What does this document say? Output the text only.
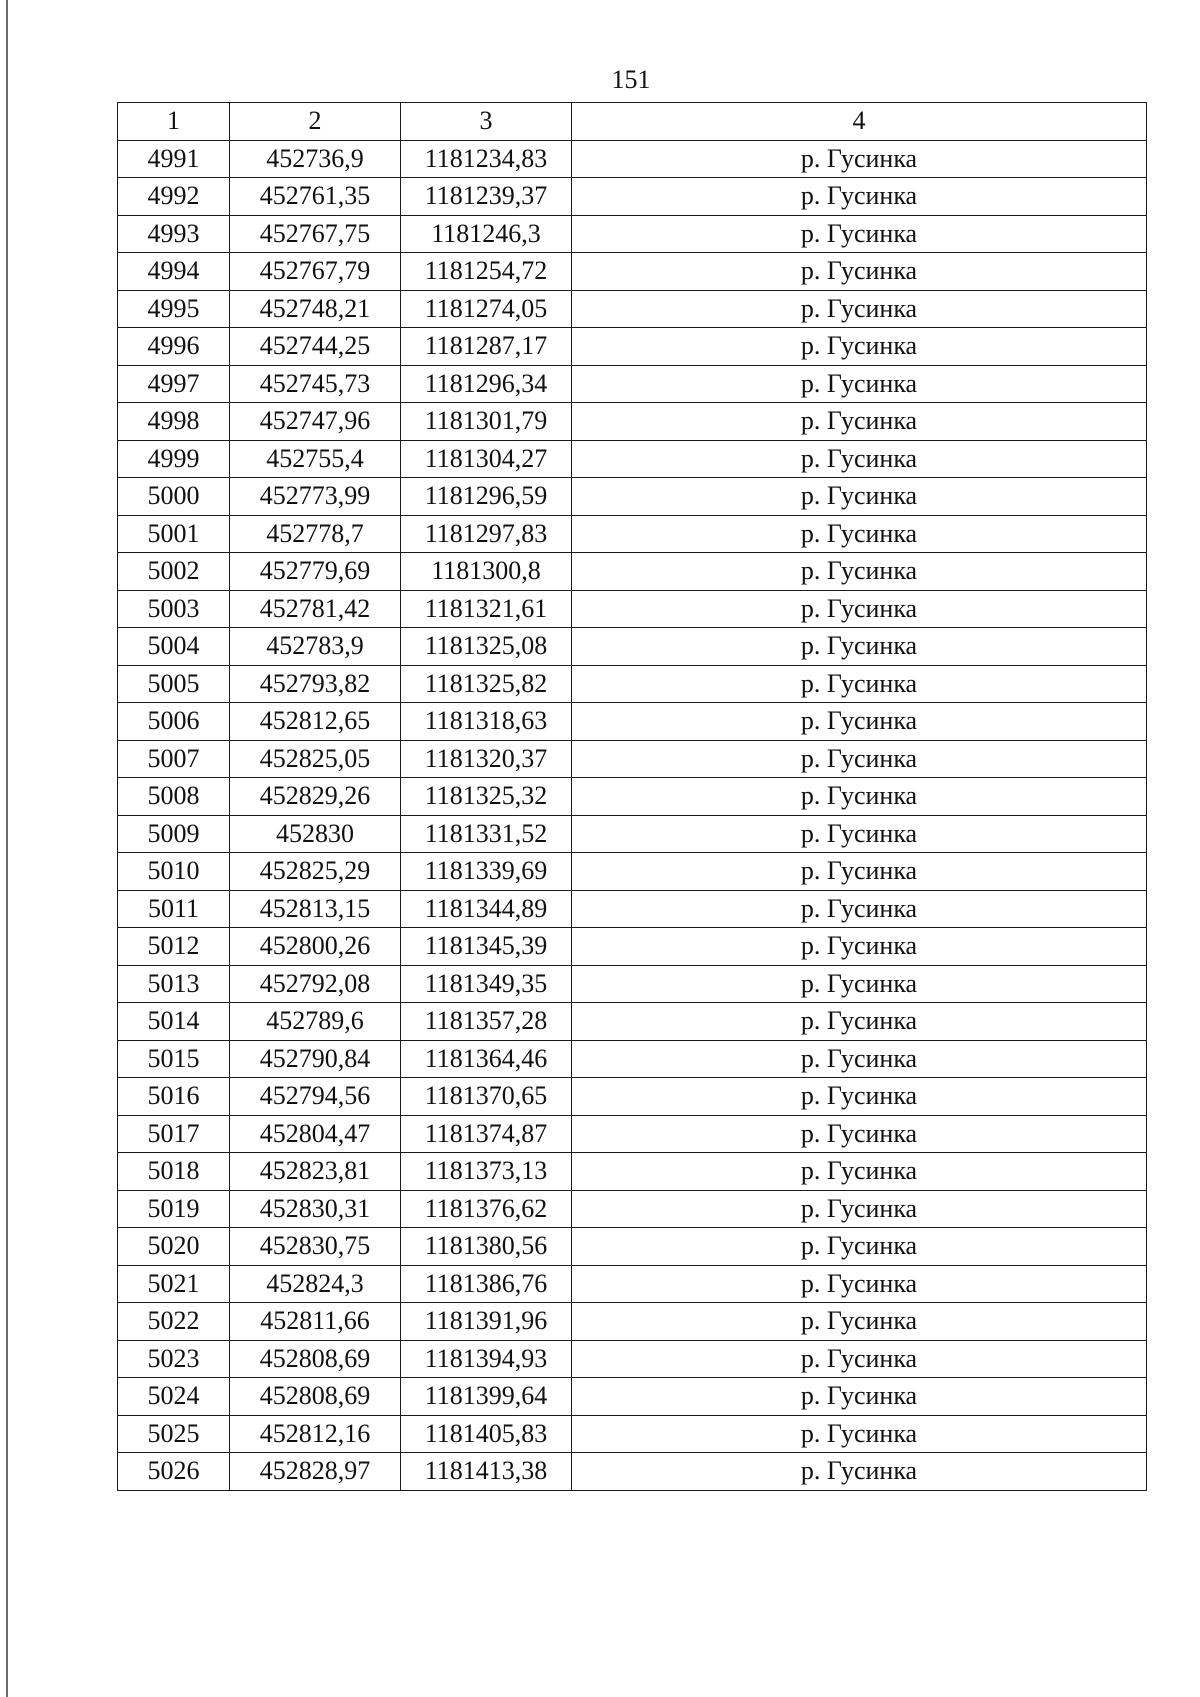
151
1	2	3	4
4991	452736,9	1181234,83	р. Гусинка
4992	452761,35	1181239,37	р. Гусинка
4993	452767,75	1181246,3	р. Гусинка
4994	452767,79	1181254,72	р. Гусинка
4995	452748,21	1181274,05	р. Гусинка
4996	452744,25	1181287,17	р. Гусинка
4997	452745,73	1181296,34	р. Гусинка
4998	452747,96	1181301,79	р. Гусинка
4999	452755,4	1181304,27	р. Гусинка
5000	452773,99	1181296,59	р. Гусинка
5001	452778,7	1181297,83	р. Гусинка
5002	452779,69	1181300,8	р. Гусинка
5003	452781,42	1181321,61	р. Гусинка
5004	452783,9	1181325,08	р. Гусинка
5005	452793,82	1181325,82	р. Гусинка
5006	452812,65	1181318,63	р. Гусинка
5007	452825,05	1181320,37	р. Гусинка
5008	452829,26	1181325,32	р. Гусинка
5009	452830	1181331,52	р. Гусинка
5010	452825,29	1181339,69	р. Гусинка
5011	452813,15	1181344,89	р. Гусинка
5012	452800,26	1181345,39	р. Гусинка
5013	452792,08	1181349,35	р. Гусинка
5014	452789,6	1181357,28	р. Гусинка
5015	452790,84	1181364,46	р. Гусинка
5016	452794,56	1181370,65	р. Гусинка
5017	452804,47	1181374,87	р. Гусинка
5018	452823,81	1181373,13	р. Гусинка
5019	452830,31	1181376,62	р. Гусинка
5020	452830,75	1181380,56	р. Гусинка
5021	452824,3	1181386,76	р. Гусинка
5022	452811,66	1181391,96	р. Гусинка
5023	452808,69	1181394,93	р. Гусинка
5024	452808,69	1181399,64	р. Гусинка
5025	452812,16	1181405,83	р. Гусинка
5026	452828,97	1181413,38	р. Гусинка
